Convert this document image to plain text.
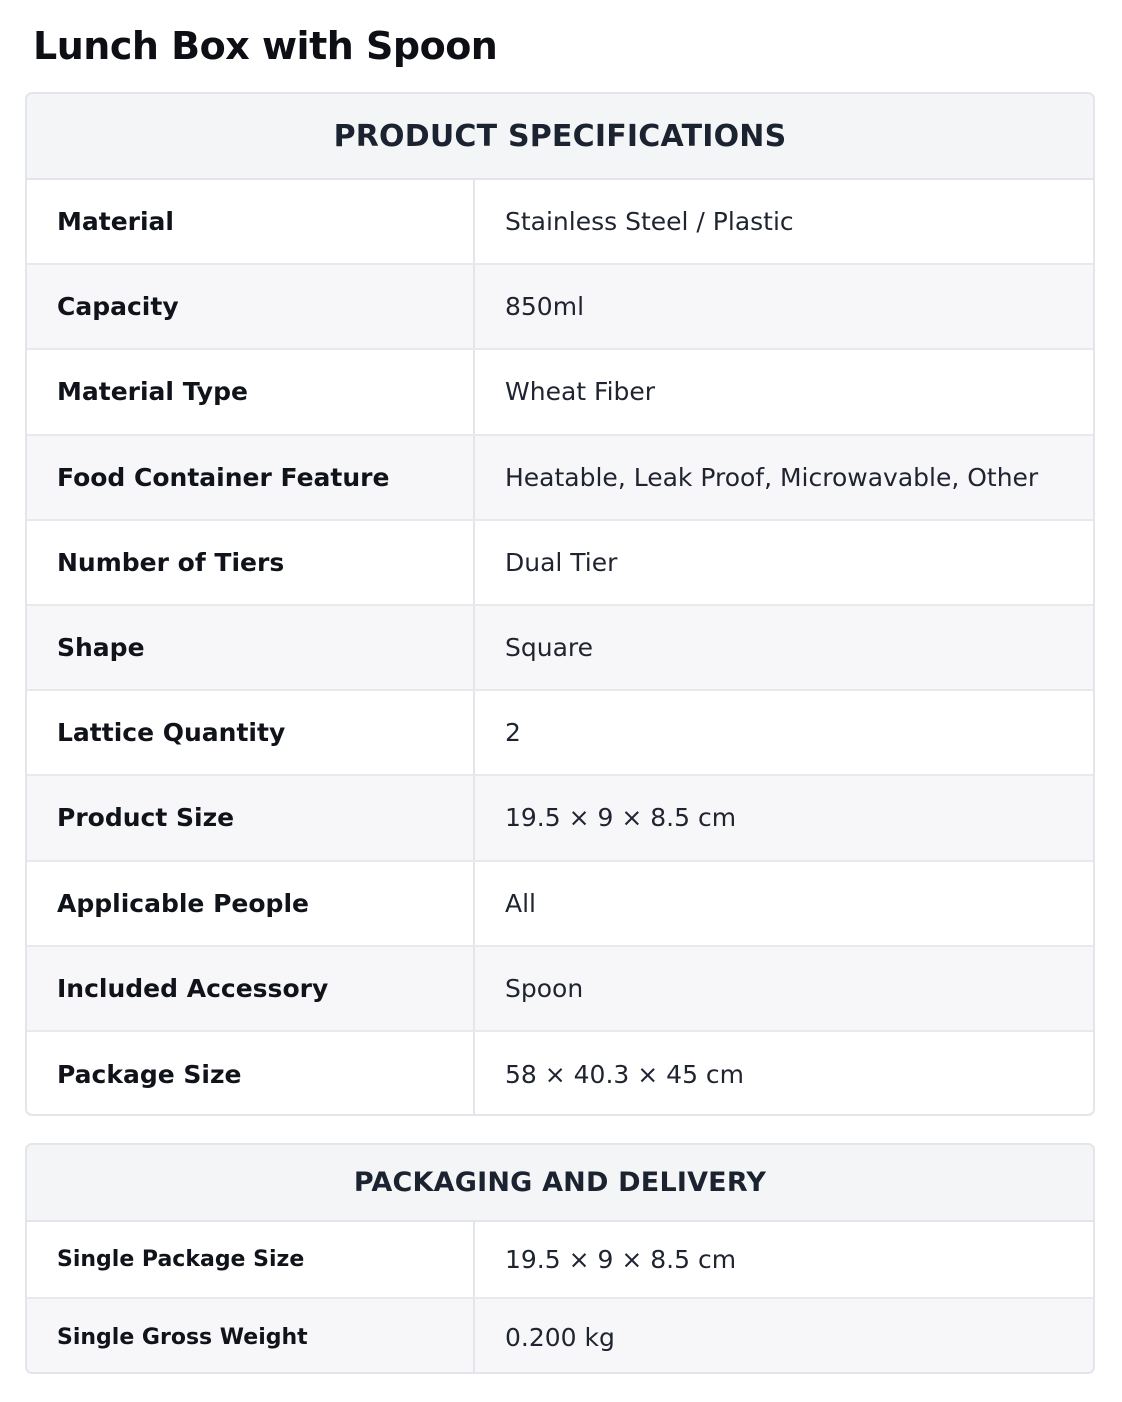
Lunch Box with Spoon
PRODUCT SPECIFICATIONS
Material	Stainless Steel / Plastic
Capacity	850ml
Material Type	Wheat Fiber
Food Container Feature	Heatable, Leak Proof, Microwavable, Other
Number of Tiers	Dual Tier
Shape	Square
Lattice Quantity	2
Product Size	19.5 × 9 × 8.5 cm
Applicable People	All
Included Accessory	Spoon
Package Size	58 × 40.3 × 45 cm
PACKAGING AND DELIVERY
Single Package Size	19.5 × 9 × 8.5 cm
Single Gross Weight	0.200 kg
